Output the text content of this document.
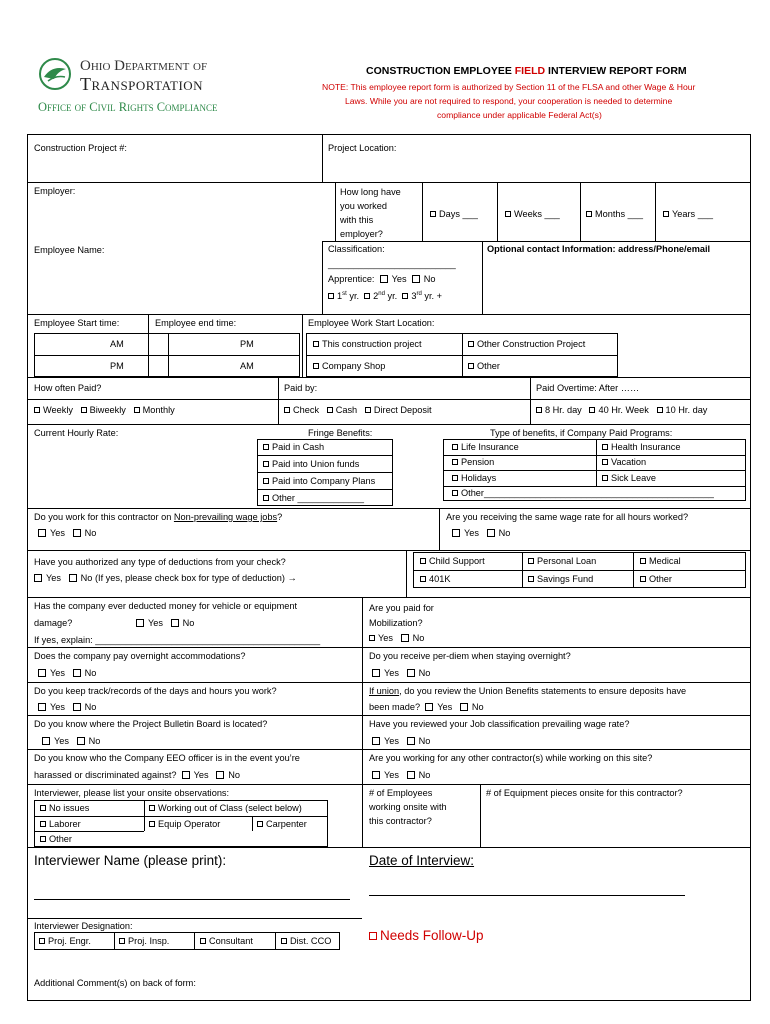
Ohio Department of
Transportation
Office of Civil Rights Compliance
CONSTRUCTION EMPLOYEE FIELD INTERVIEW REPORT FORM
NOTE: This employee report form is authorized by Section 11 of the FLSA and other Wage & Hour
Laws. While you are not required to respond, your cooperation is needed to determine
compliance under applicable Federal Act(s)
Construction Project #:	Project Location:
Employer:	How long have
you worked
with this
employer?
Days ___	Weeks ___	Months ___	Years ___
Employee Name:	Classification:
_________________________
Apprentice: Yes No
1st yr. 2nd yr. 3rd yr. +
Optional contact Information: address/Phone/email
Employee Start time:	Employee end time:	Employee Work Start Location:
AM	PM
PM	AM
This construction project	Other Construction Project
Company Shop	Other
How often Paid?	Paid by:	Paid Overtime: After ……
Weekly Biweekly Monthly	Check Cash Direct Deposit	8 Hr. day 40 Hr. Week 10 Hr. day
Current Hourly Rate:	Fringe Benefits:
Paid in Cash
Paid into Union funds
Paid into Company Plans
Other _____________
Type of benefits, if Company Paid Programs:
Life Insurance	Health Insurance
Pension	Vacation
Holidays	Sick Leave
Other_____________________________________________
Do you work for this contractor on Non-prevailing wage jobs?
Yes No
Are you receiving the same wage rate for all hours worked?
Yes No
Have you authorized any type of deductions from your check?
Yes No (If yes, please check box for type of deduction) →
Child Support	Personal Loan	Medical
401K	Savings Fund	Other
Has the company ever deducted money for vehicle or equipment
damage?	Yes No
If yes, explain: ____________________________________________
Are you paid for
Mobilization?
Yes No
Does the company pay overnight accommodations?
Yes No
Do you receive per-diem when staying overnight?
Yes No
Do you keep track/records of the days and hours you work?
Yes No
If union, do you review the Union Benefits statements to ensure deposits have
been made? Yes No
Do you know where the Project Bulletin Board is located?
Yes No
Have you reviewed your Job classification prevailing wage rate?
Yes No
Do you know who the Company EEO officer is in the event you’re
harassed or discriminated against? Yes No
Are you working for any other contractor(s) while working on this site?
Yes No
Interviewer, please list your onsite observations:
No issues	Working out of Class (select below)
Laborer	Equip Operator	Carpenter
Other
# of Employees
working onsite with
this contractor?
# of Equipment pieces onsite for this contractor?
Interviewer Name (please print):	Date of Interview:
Interviewer Designation:
Proj. Engr.	Proj. Insp.	Consultant	Dist. CCO	Needs Follow-Up
Additional Comment(s) on back of form:
